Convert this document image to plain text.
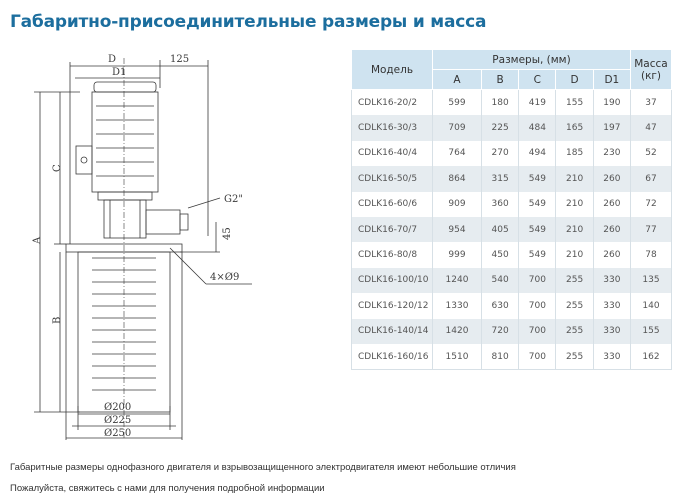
Габаритно-присоединительные размеры и масса
D
D1
125
G2"
45
4×Ø9
A
C
B
Ø200
Ø225
Ø250
Модель	Размеры, (мм)					Масса (кг)
	A	B	C	D	D1	
CDLK16-20/2	599	180	419	155	190	37
CDLK16-30/3	709	225	484	165	197	47
CDLK16-40/4	764	270	494	185	230	52
CDLK16-50/5	864	315	549	210	260	67
CDLK16-60/6	909	360	549	210	260	72
CDLK16-70/7	954	405	549	210	260	77
CDLK16-80/8	999	450	549	210	260	78
CDLK16-100/10	1240	540	700	255	330	135
CDLK16-120/12	1330	630	700	255	330	140
CDLK16-140/14	1420	720	700	255	330	155
CDLK16-160/16	1510	810	700	255	330	162
Габаритные размеры однофазного двигателя и взрывозащищенного электродвигателя имеют небольшие отличия
Пожалуйста, свяжитесь с нами для получения подробной информации
